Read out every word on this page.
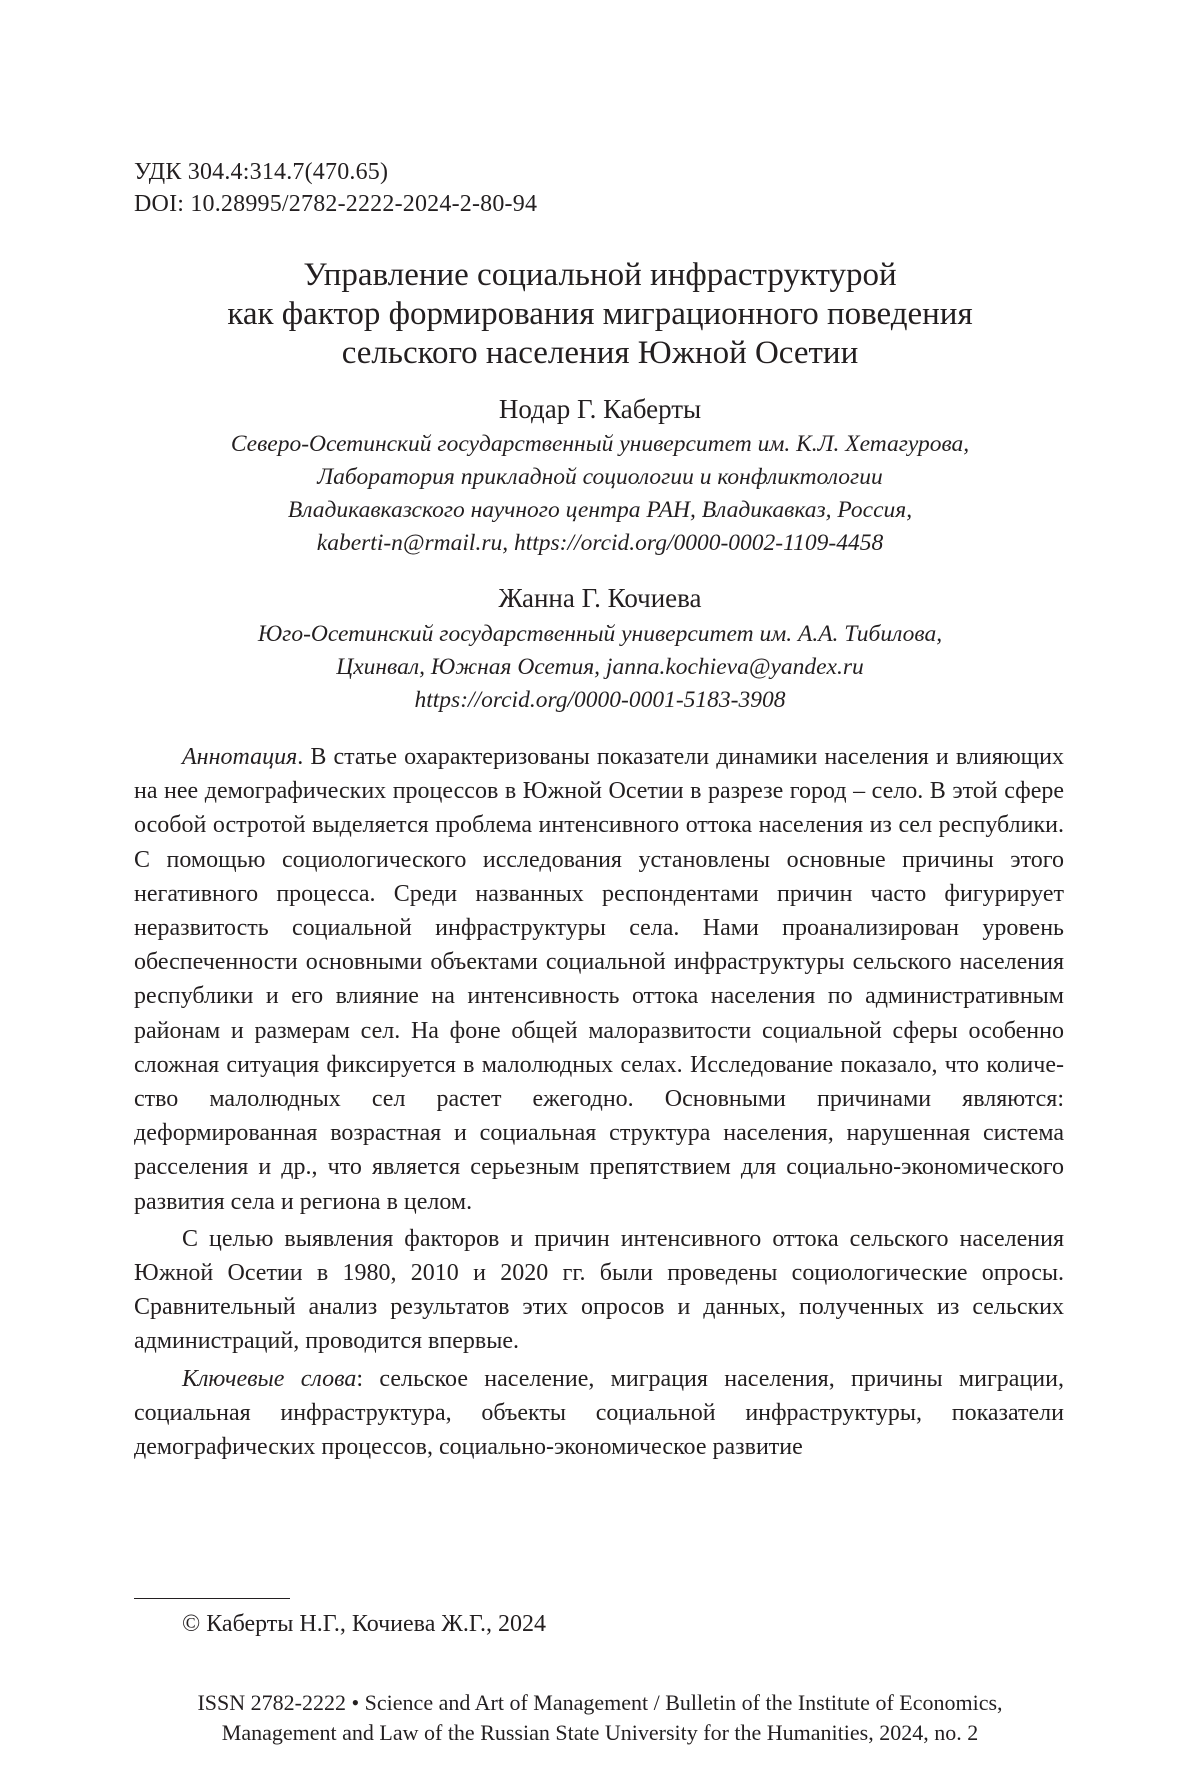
УДК 304.4:314.7(470.65)
DOI: 10.28995/2782-2222-2024-2-80-94
Управление социальной инфраструктурой
как фактор формирования миграционного поведения
сельского населения Южной Осетии
Нодар Г. Каберты
Северо-Осетинский государственный университет им. К.Л. Хетагурова,
Лаборатория прикладной социологии и конфликтологии
Владикавказского научного центра РАН, Владикавказ, Россия,
kaberti-n@rmail.ru, https://orcid.org/0000-0002-1109-4458
Жанна Г. Кочиева
Юго-Осетинский государственный университет им. А.А. Тибилова,
Цхинвал, Южная Осетия, janna.kochieva@yandex.ru
https://orcid.org/0000-0001-5183-3908

Аннотация. В статье охарактеризованы показатели динамики населения и влияющих на нее демографических процессов в Южной Осетии в разрезе город – село. В этой сфере особой остротой выделяется проблема интенсивного оттока населения из сел республики. С помощью социологического исследования установлены основные причины этого негативного процесса. Среди названных респондентами причин часто фигурирует неразвитость социальной инфраструктуры села. Нами проанализирован уровень обеспеченности основными объектами социальной инфраструктуры сельского населения республики и его влияние на интенсивность оттока населения по административным районам и размерам сел. На фоне общей малоразвитости социальной сферы особенно сложная ситуация фиксируется в малолюдных селах. Исследование показало, что количество малолюдных сел растет ежегодно. Основными причинами являются: деформированная возрастная и социальная структура населения, нарушенная система расселения и др., что является серьезным препятствием для социально-экономического развития села и региона в целом.

С целью выявления факторов и причин интенсивного оттока сельского населения Южной Осетии в 1980, 2010 и 2020 гг. были проведены социологические опросы. Сравнительный анализ результатов этих опросов и данных, полученных из сельских администраций, проводится впервые.

Ключевые слова: сельское население, миграция населения, причины миграции, социальная инфраструктура, объекты социальной инфраструктуры, показатели демографических процессов, социально-экономическое развитие

© Каберты Н.Г., Кочиева Ж.Г., 2024
ISSN 2782-2222 • Science and Art of Management / Bulletin of the Institute of Economics,
Management and Law of the Russian State University for the Humanities, 2024, no. 2
